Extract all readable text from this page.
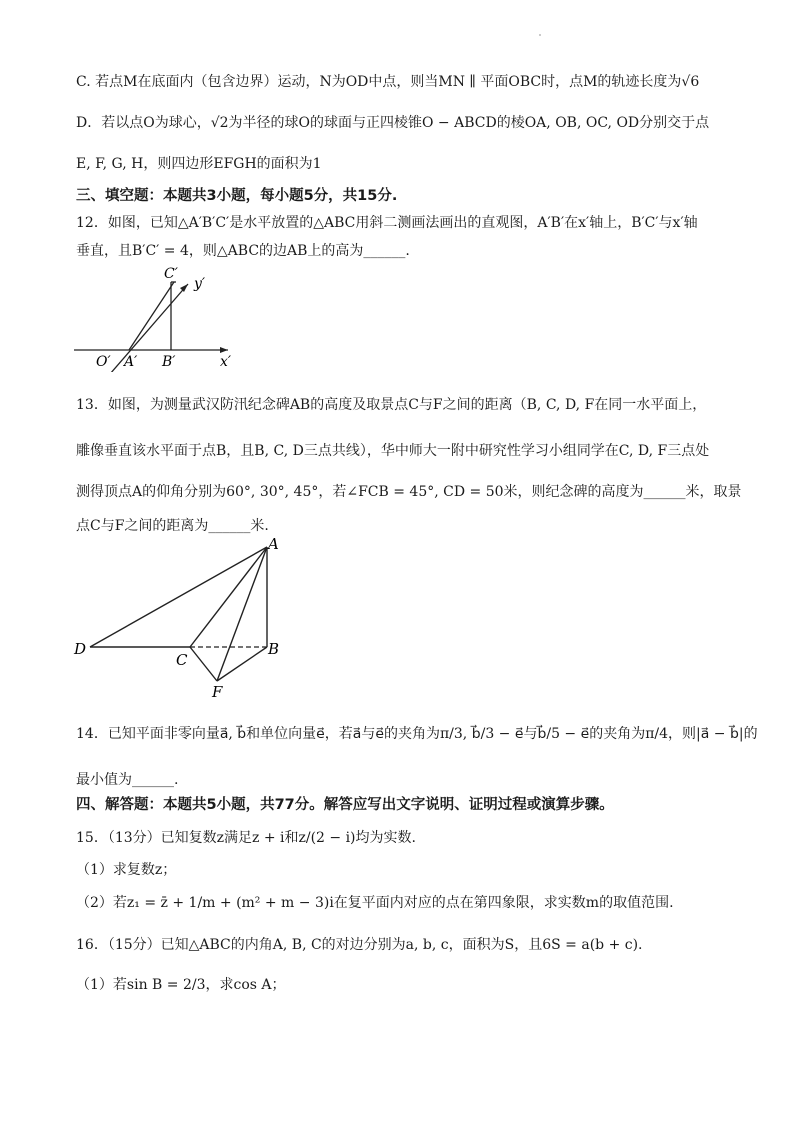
C. 若点M在底面内（包含边界）运动，N为OD中点，则当MN ∥ 平面OBC时，点M的轨迹长度为√6
D．若以点O为球心，√2为半径的球O的球面与正四棱锥O − ABCD的棱OA, OB, OC, OD分别交于点
E, F, G, H，则四边形EFGH的面积为1
三、填空题：本题共3小题，每小题5分，共15分.
12．如图，已知△A′B′C′是水平放置的△ABC用斜二测画法画出的直观图，A′B′在x′轴上，B′C′与x′轴
垂直，且B′C′ = 4，则△ABC的边AB上的高为______.
C′
y′
O′ A′ B′	x′
13．如图，为测量武汉防汛纪念碑AB的高度及取景点C与F之间的距离（B, C, D, F在同一水平面上，
雕像垂直该水平面于点B，且B, C, D三点共线），华中师大一附中研究性学习小组同学在C, D, F三点处
测得顶点A的仰角分别为60°, 30°, 45°，若∠FCB = 45°, CD = 50米，则纪念碑的高度为______米，取景
点C与F之间的距离为______米.
A
D
C
B
F
14．已知平面非零向量a⃗, b⃗和单位向量e⃗，若a⃗与e⃗的夹角为π/3, b⃗/3 − e⃗与b⃗/5 − e⃗的夹角为π/4，则|a⃗ − b⃗|的
最小值为______.
四、解答题：本题共5小题，共77分。解答应写出文字说明、证明过程或演算步骤。
15．（13分）已知复数z满足z + i和z/(2 − i)均为实数.
（1）求复数z；
（2）若z₁ = z̄ + 1/m + (m² + m − 3)i在复平面内对应的点在第四象限，求实数m的取值范围.
16．（15分）已知△ABC的内角A, B, C的对边分别为a, b, c，面积为S，且6S = a(b + c).
（1）若sin B = 2/3，求cos A；
